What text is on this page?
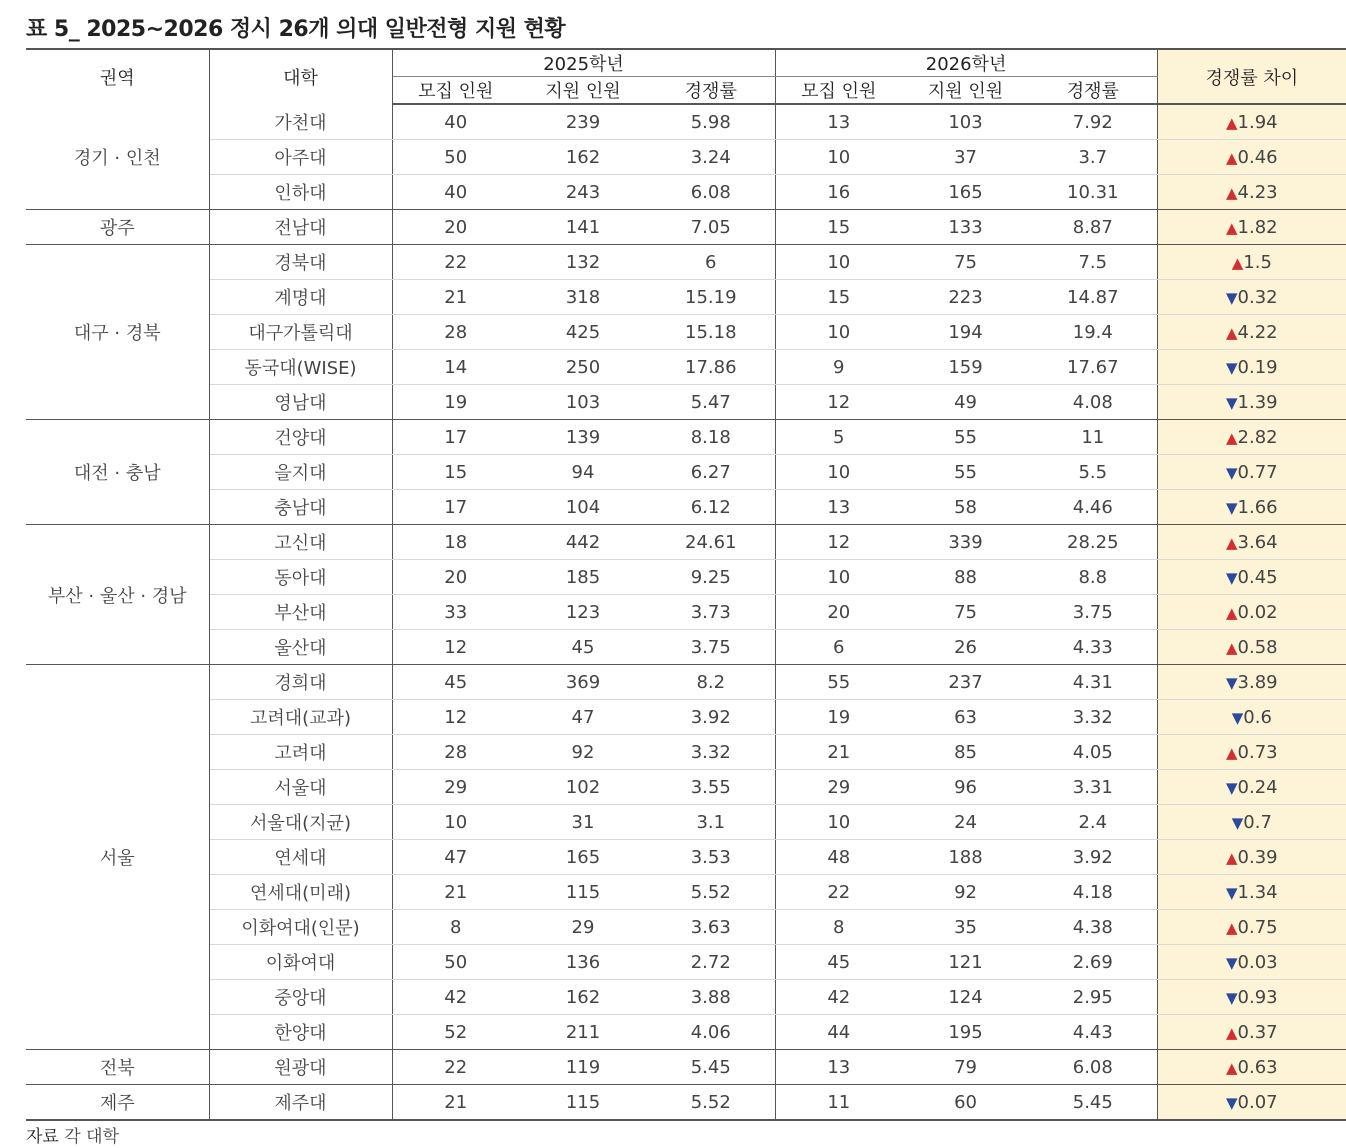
표 5_ 2025~2026 정시 26개 의대 일반전형 지원 현황
권역	대학	2025학년			2026학년			경쟁률 차이
		모집 인원	지원 인원	경쟁률	모집 인원	지원 인원	경쟁률	
경기 · 인천	가천대	40	239	5.98	13	103	7.92	▲1.94
	아주대	50	162	3.24	10	37	3.7	▲0.46
	인하대	40	243	6.08	16	165	10.31	▲4.23
광주	전남대	20	141	7.05	15	133	8.87	▲1.82
대구 · 경북	경북대	22	132	6	10	75	7.5	▲1.5
	계명대	21	318	15.19	15	223	14.87	▼0.32
	대구가톨릭대	28	425	15.18	10	194	19.4	▲4.22
	동국대(WISE)	14	250	17.86	9	159	17.67	▼0.19
	영남대	19	103	5.47	12	49	4.08	▼1.39
대전 · 충남	건양대	17	139	8.18	5	55	11	▲2.82
	을지대	15	94	6.27	10	55	5.5	▼0.77
	충남대	17	104	6.12	13	58	4.46	▼1.66
부산 · 울산 · 경남	고신대	18	442	24.61	12	339	28.25	▲3.64
	동아대	20	185	9.25	10	88	8.8	▼0.45
	부산대	33	123	3.73	20	75	3.75	▲0.02
	울산대	12	45	3.75	6	26	4.33	▲0.58
서울	경희대	45	369	8.2	55	237	4.31	▼3.89
	고려대(교과)	12	47	3.92	19	63	3.32	▼0.6
	고려대	28	92	3.32	21	85	4.05	▲0.73
	서울대	29	102	3.55	29	96	3.31	▼0.24
	서울대(지균)	10	31	3.1	10	24	2.4	▼0.7
	연세대	47	165	3.53	48	188	3.92	▲0.39
	연세대(미래)	21	115	5.52	22	92	4.18	▼1.34
	이화여대(인문)	8	29	3.63	8	35	4.38	▲0.75
	이화여대	50	136	2.72	45	121	2.69	▼0.03
	중앙대	42	162	3.88	42	124	2.95	▼0.93
	한양대	52	211	4.06	44	195	4.43	▲0.37
전북	원광대	22	119	5.45	13	79	6.08	▲0.63
제주	제주대	21	115	5.52	11	60	5.45	▼0.07
자료 각 대학
